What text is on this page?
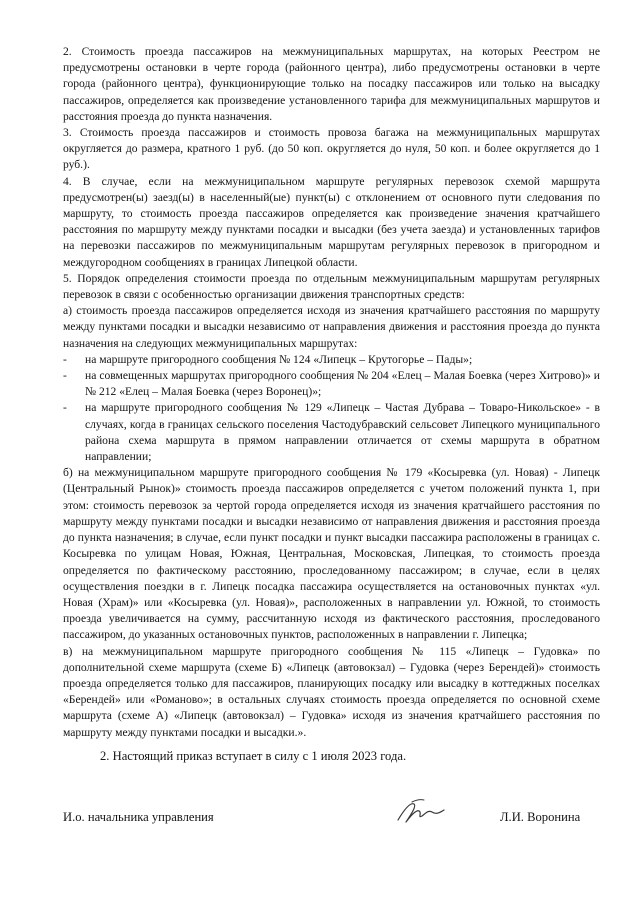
2. Стоимость проезда пассажиров на межмуниципальных маршрутах, на которых Реестром не предусмотрены остановки в черте города (районного центра), либо предусмотрены остановки в черте города (районного центра), функционирующие только на посадку пассажиров или только на высадку пассажиров, определяется как произведение установленного тарифа для межмуниципальных маршрутов и расстояния проезда до пункта назначения.

3. Стоимость проезда пассажиров и стоимость провоза багажа на межмуниципальных маршрутах округляется до размера, кратного 1 руб. (до 50 коп. округляется до нуля, 50 коп. и более округляется до 1 руб.).

4. В случае, если на межмуниципальном маршруте регулярных перевозок схемой маршрута предусмотрен(ы) заезд(ы) в населенный(ые) пункт(ы) с отклонением от основного пути следования по маршруту, то стоимость проезда пассажиров определяется как произведение значения кратчайшего расстояния по маршруту между пунктами посадки и высадки (без учета заезда) и установленных тарифов на перевозки пассажиров по межмуниципальным маршрутам регулярных перевозок в пригородном и междугородном сообщениях в границах Липецкой области.

5. Порядок определения стоимости проезда по отдельным межмуниципальным маршрутам регулярных перевозок в связи с особенностью организации движения транспортных средств:

а) стоимость проезда пассажиров определяется исходя из значения кратчайшего расстояния по маршруту между пунктами посадки и высадки независимо от направления движения и расстояния проезда до пункта назначения на следующих межмуниципальных маршрутах:

-	на маршруте пригородного сообщения № 124 «Липецк – Крутогорье – Пады»;
-	на совмещенных маршрутах пригородного сообщения № 204 «Елец – Малая Боевка (через Хитрово)» и № 212 «Елец – Малая Боевка (через Воронец)»;
-	на маршруте пригородного сообщения № 129 «Липецк – Частая Дубрава – Товаро-Никольское» - в случаях, когда в границах сельского поселения Частодубравский сельсовет Липецкого муниципального района схема маршрута в прямом направлении отличается от схемы маршрута в обратном направлении;

б) на межмуниципальном маршруте пригородного сообщения № 179 «Косыревка (ул. Новая) - Липецк (Центральный Рынок)» стоимость проезда пассажиров определяется с учетом положений пункта 1, при этом: стоимость перевозок за чертой города определяется исходя из значения кратчайшего расстояния по маршруту между пунктами посадки и высадки независимо от направления движения и расстояния проезда до пункта назначения; в случае, если пункт посадки и пункт высадки пассажира расположены в границах с. Косыревка по улицам Новая, Южная, Центральная, Московская, Липецкая, то стоимость проезда определяется по фактическому расстоянию, проследованному пассажиром; в случае, если в целях осуществления поездки в г. Липецк посадка пассажира осуществляется на остановочных пунктах «ул. Новая (Храм)» или «Косыревка (ул. Новая)», расположенных в направлении ул. Южной, то стоимость проезда увеличивается на сумму, рассчитанную исходя из фактического расстояния, проследованого пассажиром, до указанных остановочных пунктов, расположенных в направлении г. Липецка;

в) на межмуниципальном маршруте пригородного сообщения № 115 «Липецк – Гудовка» по дополнительной схеме маршрута (схеме Б) «Липецк (автовокзал) – Гудовка (через Берендей)» стоимость проезда определяется только для пассажиров, планирующих посадку или высадку в коттеджных поселках «Берендей» или «Романово»; в остальных случаях стоимость проезда определяется по основной схеме маршрута (схеме А) «Липецк (автовокзал) – Гудовка» исходя из значения кратчайшего расстояния по маршруту между пунктами посадки и высадки.».

2. Настоящий приказ вступает в силу с 1 июля 2023 года.
И.о. начальника управления	Л.И. Воронина
